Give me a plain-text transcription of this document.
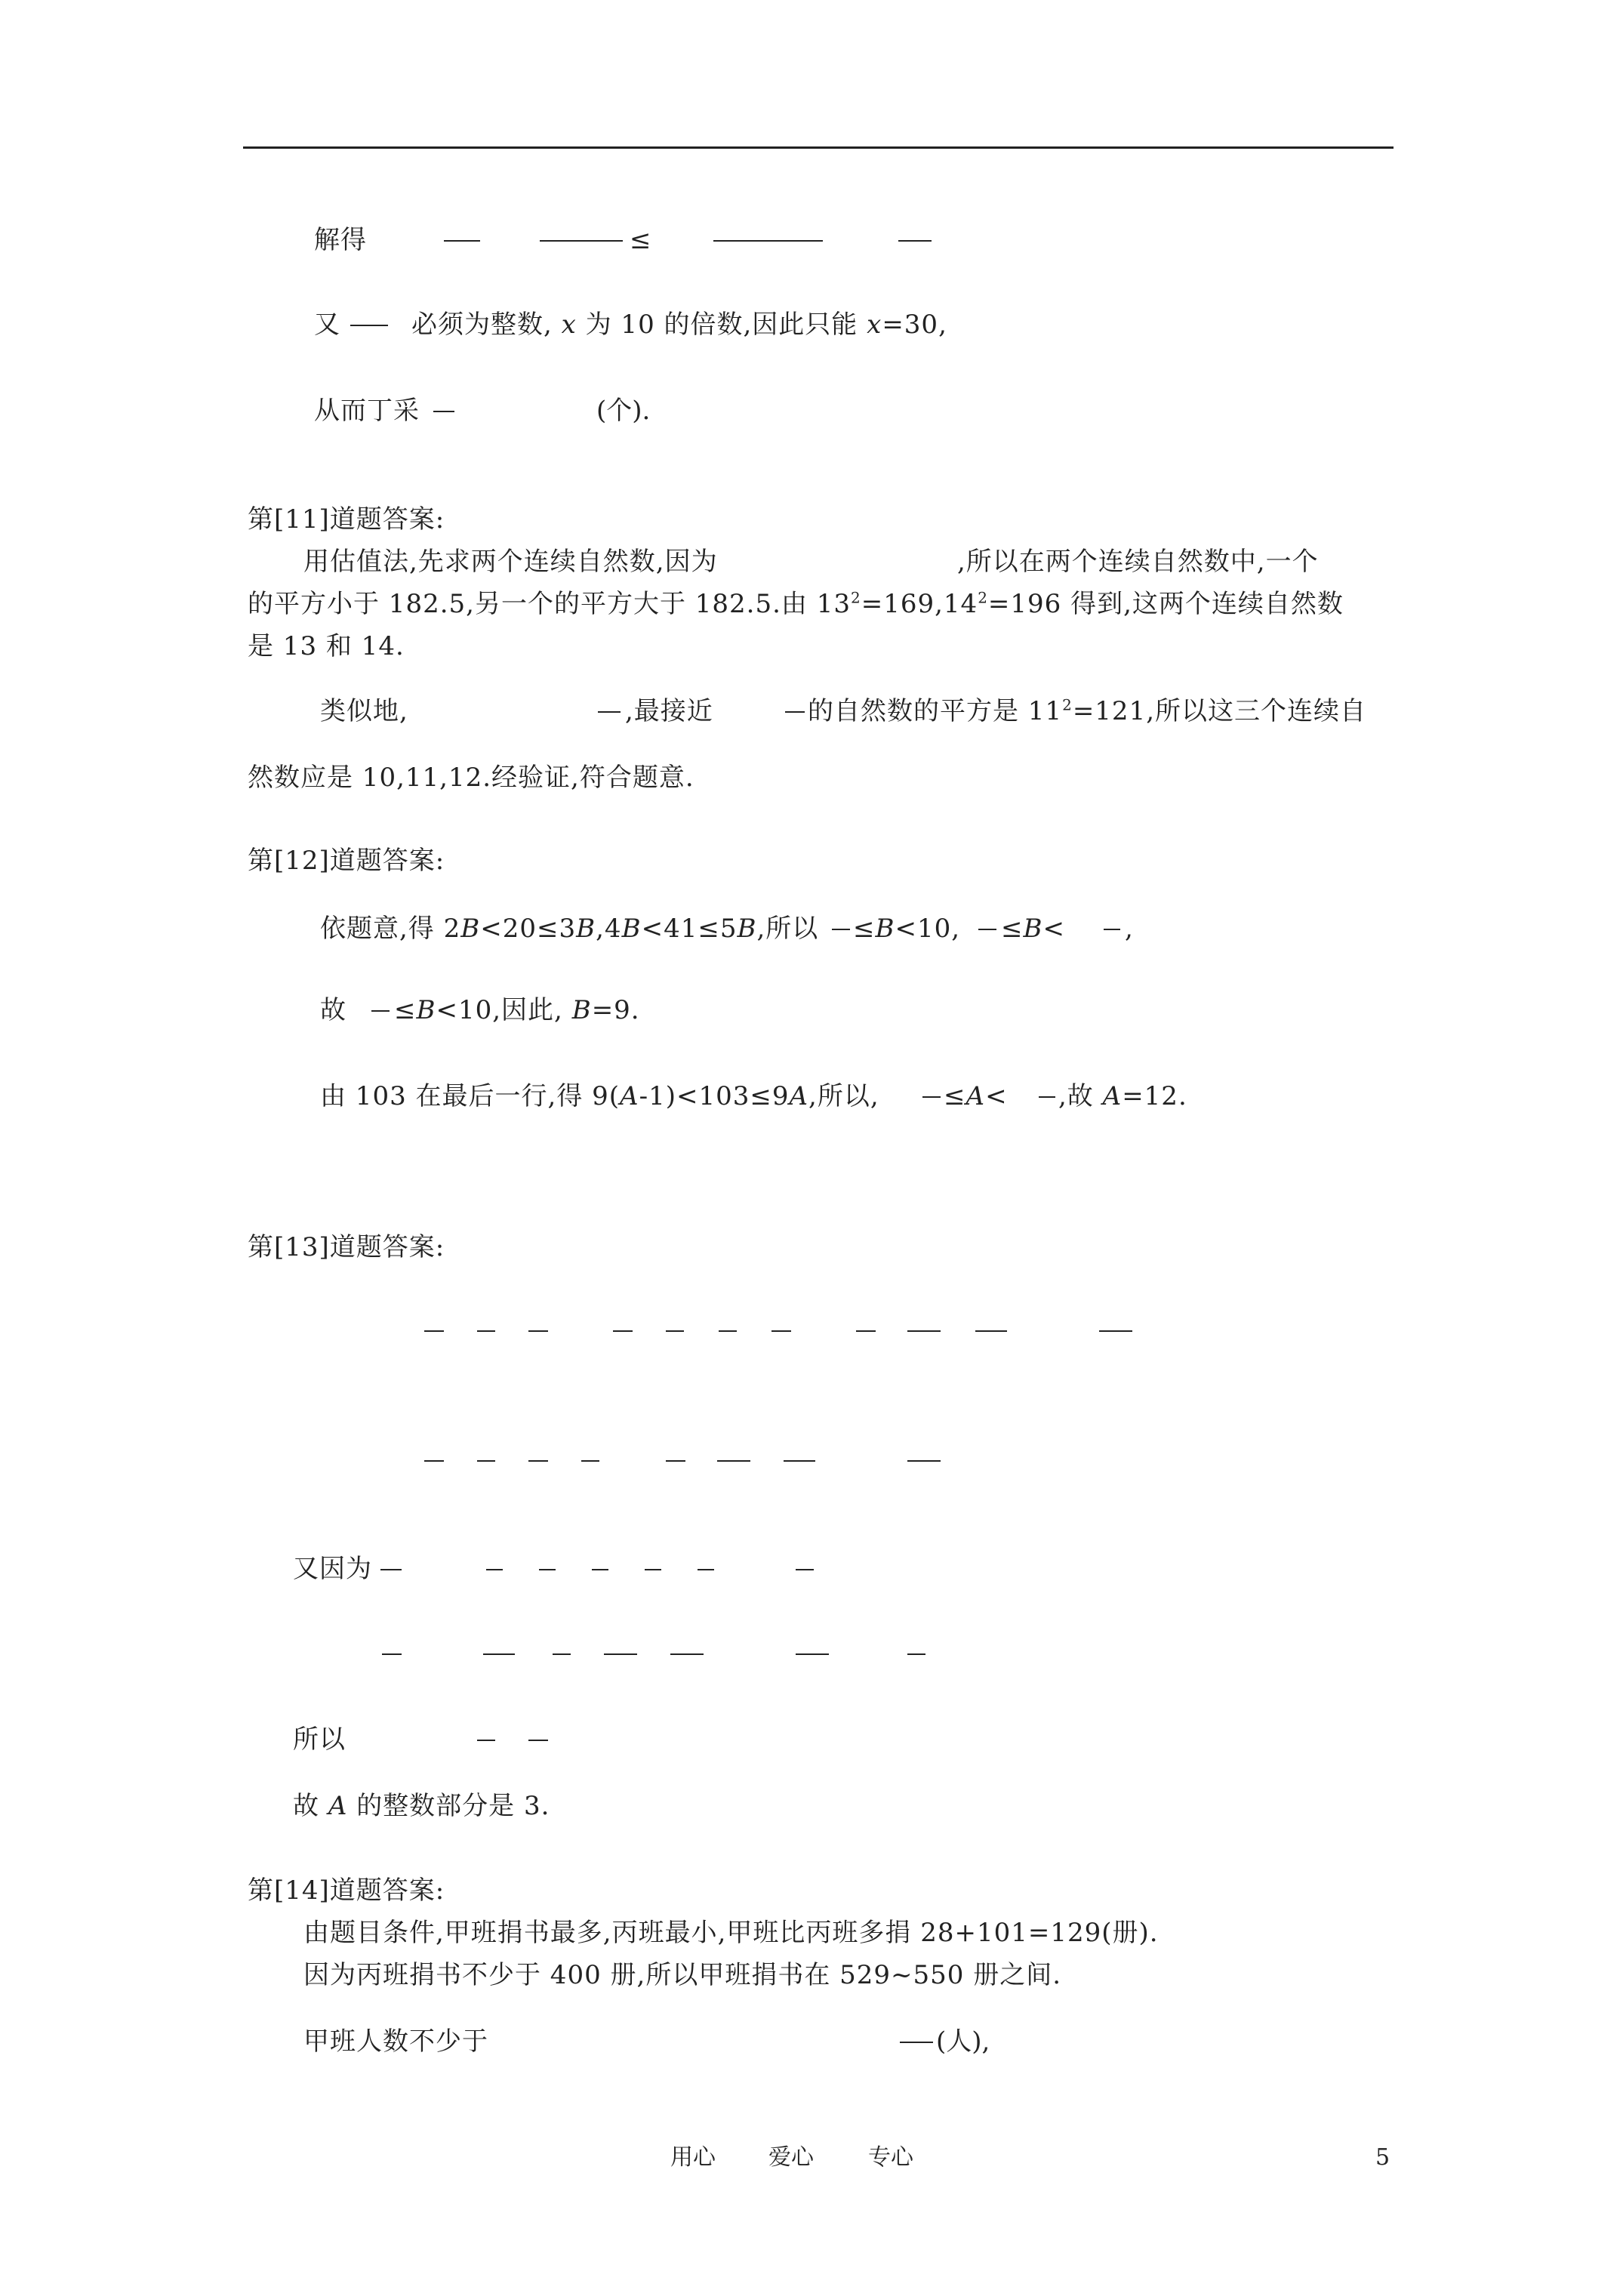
解得	≤
又	必须为整数, x 为 10 的倍数,因此只能 x=30,
从而丁采	(个).
第[11]道题答案:
用估值法,先求两个连续自然数,因为	,所以在两个连续自然数中,一个
的平方小于 182.5,另一个的平方大于 182.5.由 $13^2=169,14^2=196$ 得到,这两个连续自然数
是 13 和 14.
类似地,	,最接近	的自然数的平方是 $11^2=121$,所以这三个连续自
然数应是 10,11,12.经验证,符合题意.
第[12]道题答案:
依题意,得 2B<20≤3B,4B<41≤5B,所以 ≤B<10, ≤B< ,
故 ≤B<10,因此, B=9.
由 103 在最后一行,得 9(A-1)<103≤9A,所以,	≤A< ,故 A=12.
第[13]道题答案:
又因为
所以
故 A 的整数部分是 3.
第[14]道题答案:
由题目条件,甲班捐书最多,丙班最小,甲班比丙班多捐 28+101=129(册).
因为丙班捐书不少于 400 册,所以甲班捐书在 529~550 册之间.
甲班人数不少于	(人),
用心 爱心 专心	5
